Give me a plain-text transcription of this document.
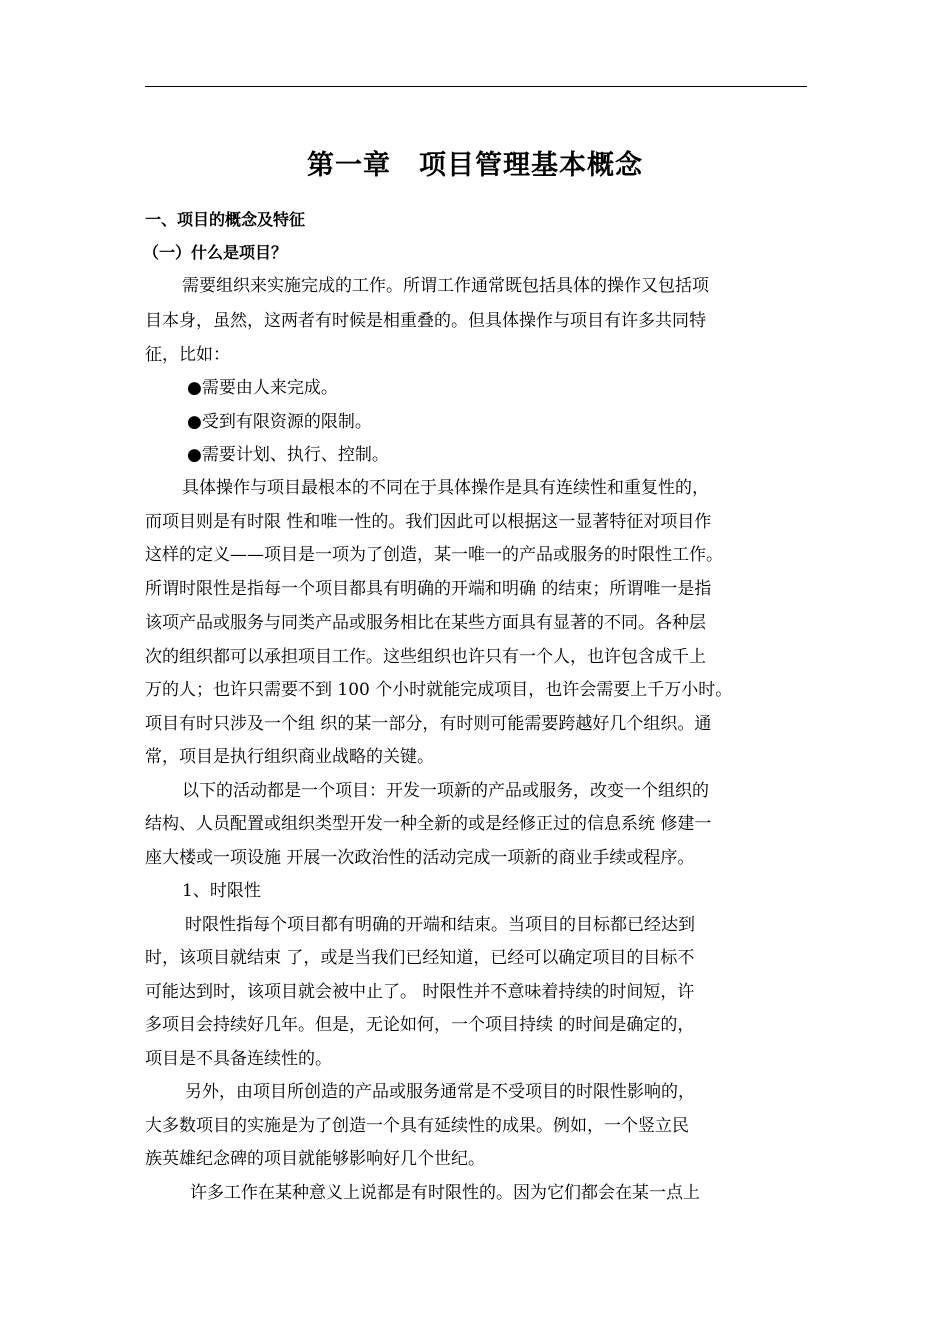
第一章 项目管理基本概念
一、项目的概念及特征
（一）什么是项目？
需要组织来实施完成的工作。所谓工作通常既包括具体的操作又包括项
目本身，虽然，这两者有时候是相重叠的。但具体操作与项目有许多共同特
征，比如：
●需要由人来完成。
●受到有限资源的限制。
●需要计划、执行、控制。
具体操作与项目最根本的不同在于具体操作是具有连续性和重复性的，
而项目则是有时限 性和唯一性的。我们因此可以根据这一显著特征对项目作
这样的定义——项目是一项为了创造，某一唯一的产品或服务的时限性工作。
所谓时限性是指每一个项目都具有明确的开端和明确 的结束；所谓唯一是指
该项产品或服务与同类产品或服务相比在某些方面具有显著的不同。各种层
次的组织都可以承担项目工作。这些组织也许只有一个人，也许包含成千上
万的人；也许只需要不到 100 个小时就能完成项目，也许会需要上千万小时。
项目有时只涉及一个组 织的某一部分，有时则可能需要跨越好几个组织。通
常，项目是执行组织商业战略的关键。
以下的活动都是一个项目：开发一项新的产品或服务，改变一个组织的
结构、人员配置或组织类型开发一种全新的或是经修正过的信息系统 修建一
座大楼或一项设施 开展一次政治性的活动完成一项新的商业手续或程序。
1、时限性
时限性指每个项目都有明确的开端和结束。当项目的目标都已经达到
时，该项目就结束 了，或是当我们已经知道，已经可以确定项目的目标不
可能达到时，该项目就会被中止了。 时限性并不意味着持续的时间短，许
多项目会持续好几年。但是，无论如何，一个项目持续 的时间是确定的，
项目是不具备连续性的。
另外，由项目所创造的产品或服务通常是不受项目的时限性影响的，
大多数项目的实施是为了创造一个具有延续性的成果。例如，一个竖立民
族英雄纪念碑的项目就能够影响好几个世纪。
许多工作在某种意义上说都是有时限性的。因为它们都会在某一点上
